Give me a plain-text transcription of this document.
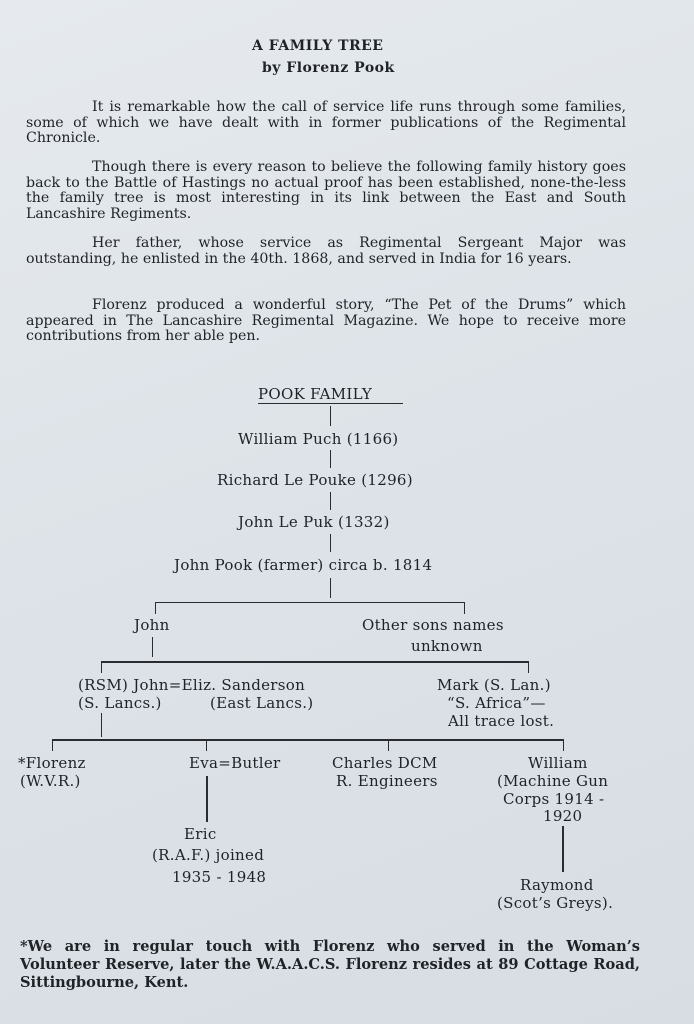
A FAMILY TREE
by Florenz Pook
It is remarkable how the call of service life runs through some families, some of which we have dealt with in former publications of the Regimental Chronicle.
Though there is every reason to believe the following family history goes back to the Battle of Hastings no actual proof has been established, none-the-less the family tree is most interesting in its link between the East and South Lancashire Regiments.
Her father, whose service as Regimental Sergeant Major was outstanding, he enlisted in the 40th. 1868, and served in India for 16 years.
Florenz produced a wonderful story, “The Pet of the Drums” which appeared in The Lancashire Regimental Magazine. We hope to receive more contributions from her able pen.
POOK FAMILY
William Puch (1166)
Richard Le Pouke (1296)
John Le Puk (1332)
John Pook (farmer) circa b. 1814
John	Other sons names
unknown
(RSM) John=Eliz. Sanderson
(S. Lancs.)	(East Lancs.)
Mark (S. Lan.)
“S. Africa”—
All trace lost.
*Florenz
(W.V.R.)
Eva=Butler	Charles DCM
R. Engineers
William
(Machine Gun
Corps 1914 -
1920
Eric
(R.A.F.) joined
1935 - 1948	Raymond
(Scot’s Greys).
*We are in regular touch with Florenz who served in the Woman’s Volunteer Reserve, later the W.A.A.C.S. Florenz resides at 89 Cottage Road, Sittingbourne, Kent.
